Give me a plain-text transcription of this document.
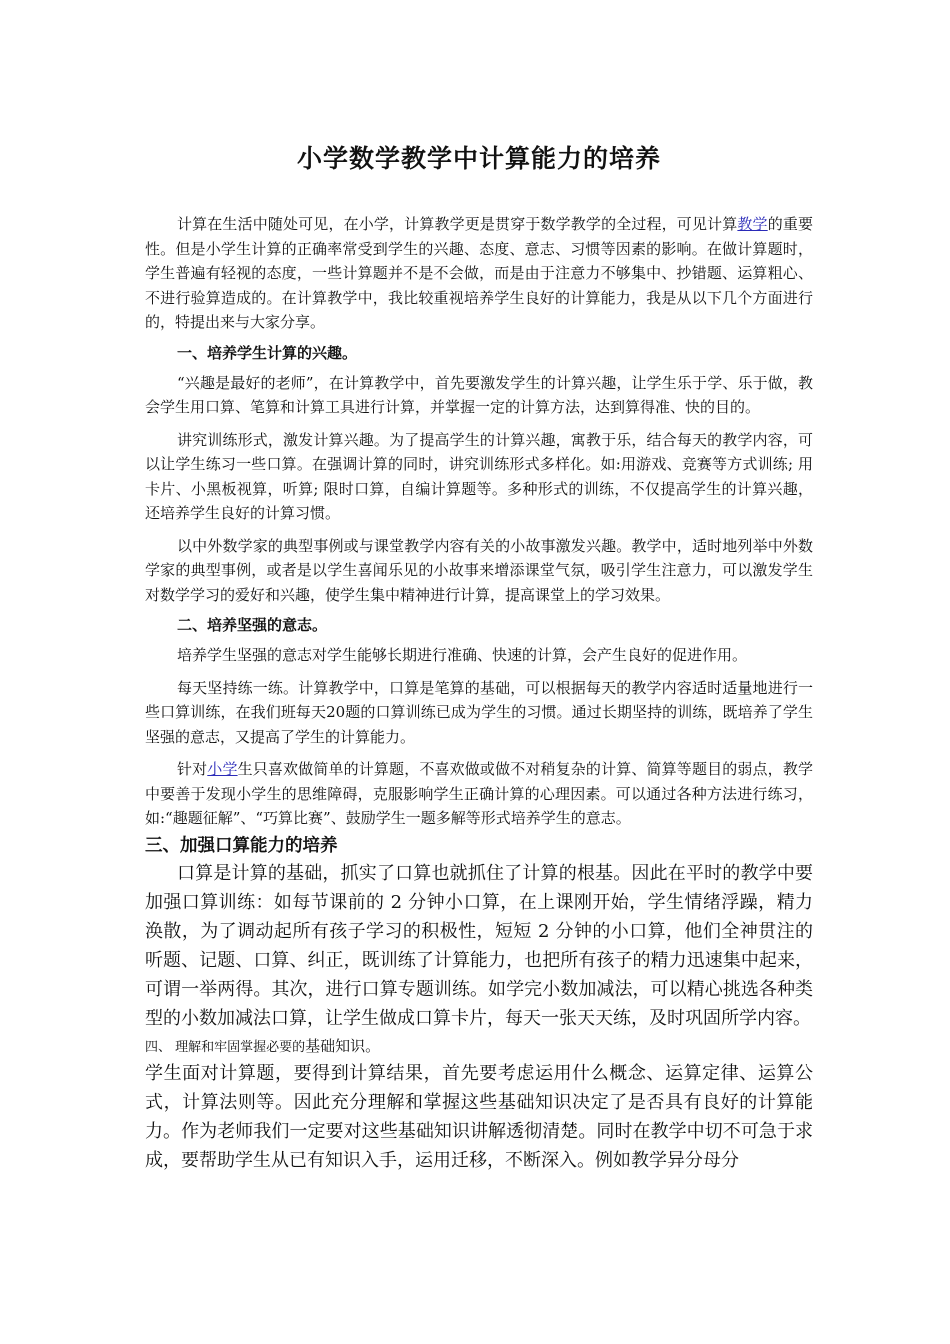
小学数学教学中计算能力的培养

计算在生活中随处可见，在小学，计算教学更是贯穿于数学教学的全过程，可见计算教学的重要性。但是小学生计算的正确率常受到学生的兴趣、态度、意志、习惯等因素的影响。在做计算题时，学生普遍有轻视的态度，一些计算题并不是不会做，而是由于注意力不够集中、抄错题、运算粗心、不进行验算造成的。在计算教学中，我比较重视培养学生良好的计算能力，我是从以下几个方面进行的，特提出来与大家分享。

一、培养学生计算的兴趣。

“兴趣是最好的老师”，在计算教学中，首先要激发学生的计算兴趣，让学生乐于学、乐于做，教会学生用口算、笔算和计算工具进行计算，并掌握一定的计算方法，达到算得准、快的目的。

讲究训练形式，激发计算兴趣。为了提高学生的计算兴趣，寓教于乐，结合每天的教学内容，可以让学生练习一些口算。在强调计算的同时，讲究训练形式多样化。如:用游戏、竞赛等方式训练; 用卡片、小黑板视算，听算; 限时口算，自编计算题等。多种形式的训练，不仅提高学生的计算兴趣，还培养学生良好的计算习惯。

以中外数学家的典型事例或与课堂教学内容有关的小故事激发兴趣。教学中，适时地列举中外数学家的典型事例，或者是以学生喜闻乐见的小故事来增添课堂气氛，吸引学生注意力，可以激发学生对数学学习的爱好和兴趣，使学生集中精神进行计算，提高课堂上的学习效果。

二、培养坚强的意志。

培养学生坚强的意志对学生能够长期进行准确、快速的计算，会产生良好的促进作用。

每天坚持练一练。计算教学中，口算是笔算的基础，可以根据每天的教学内容适时适量地进行一些口算训练，在我们班每天20题的口算训练已成为学生的习惯。通过长期坚持的训练，既培养了学生坚强的意志，又提高了学生的计算能力。

针对小学生只喜欢做简单的计算题，不喜欢做或做不对稍复杂的计算、简算等题目的弱点，教学中要善于发现小学生的思维障碍，克服影响学生正确计算的心理因素。可以通过各种方法进行练习，如:“趣题征解”、“巧算比赛”、鼓励学生一题多解等形式培养学生的意志。

三、加强口算能力的培养

口算是计算的基础，抓实了口算也就抓住了计算的根基。因此在平时的教学中要加强口算训练：如每节课前的 2 分钟小口算，在上课刚开始，学生情绪浮躁，精力涣散，为了调动起所有孩子学习的积极性，短短 2 分钟的小口算，他们全神贯注的听题、记题、口算、纠正，既训练了计算能力，也把所有孩子的精力迅速集中起来，可谓一举两得。其次，进行口算专题训练。如学完小数加减法，可以精心挑选各种类型的小数加减法口算，让学生做成口算卡片，每天一张天天练，及时巩固所学内容。

四、 理解和牢固掌握必要的基础知识。

学生面对计算题，要得到计算结果，首先要考虑运用什么概念、运算定律、运算公式，计算法则等。因此充分理解和掌握这些基础知识决定了是否具有良好的计算能力。作为老师我们一定要对这些基础知识讲解透彻清楚。同时在教学中切不可急于求成，要帮助学生从已有知识入手，运用迁移，不断深入。例如教学异分母分
